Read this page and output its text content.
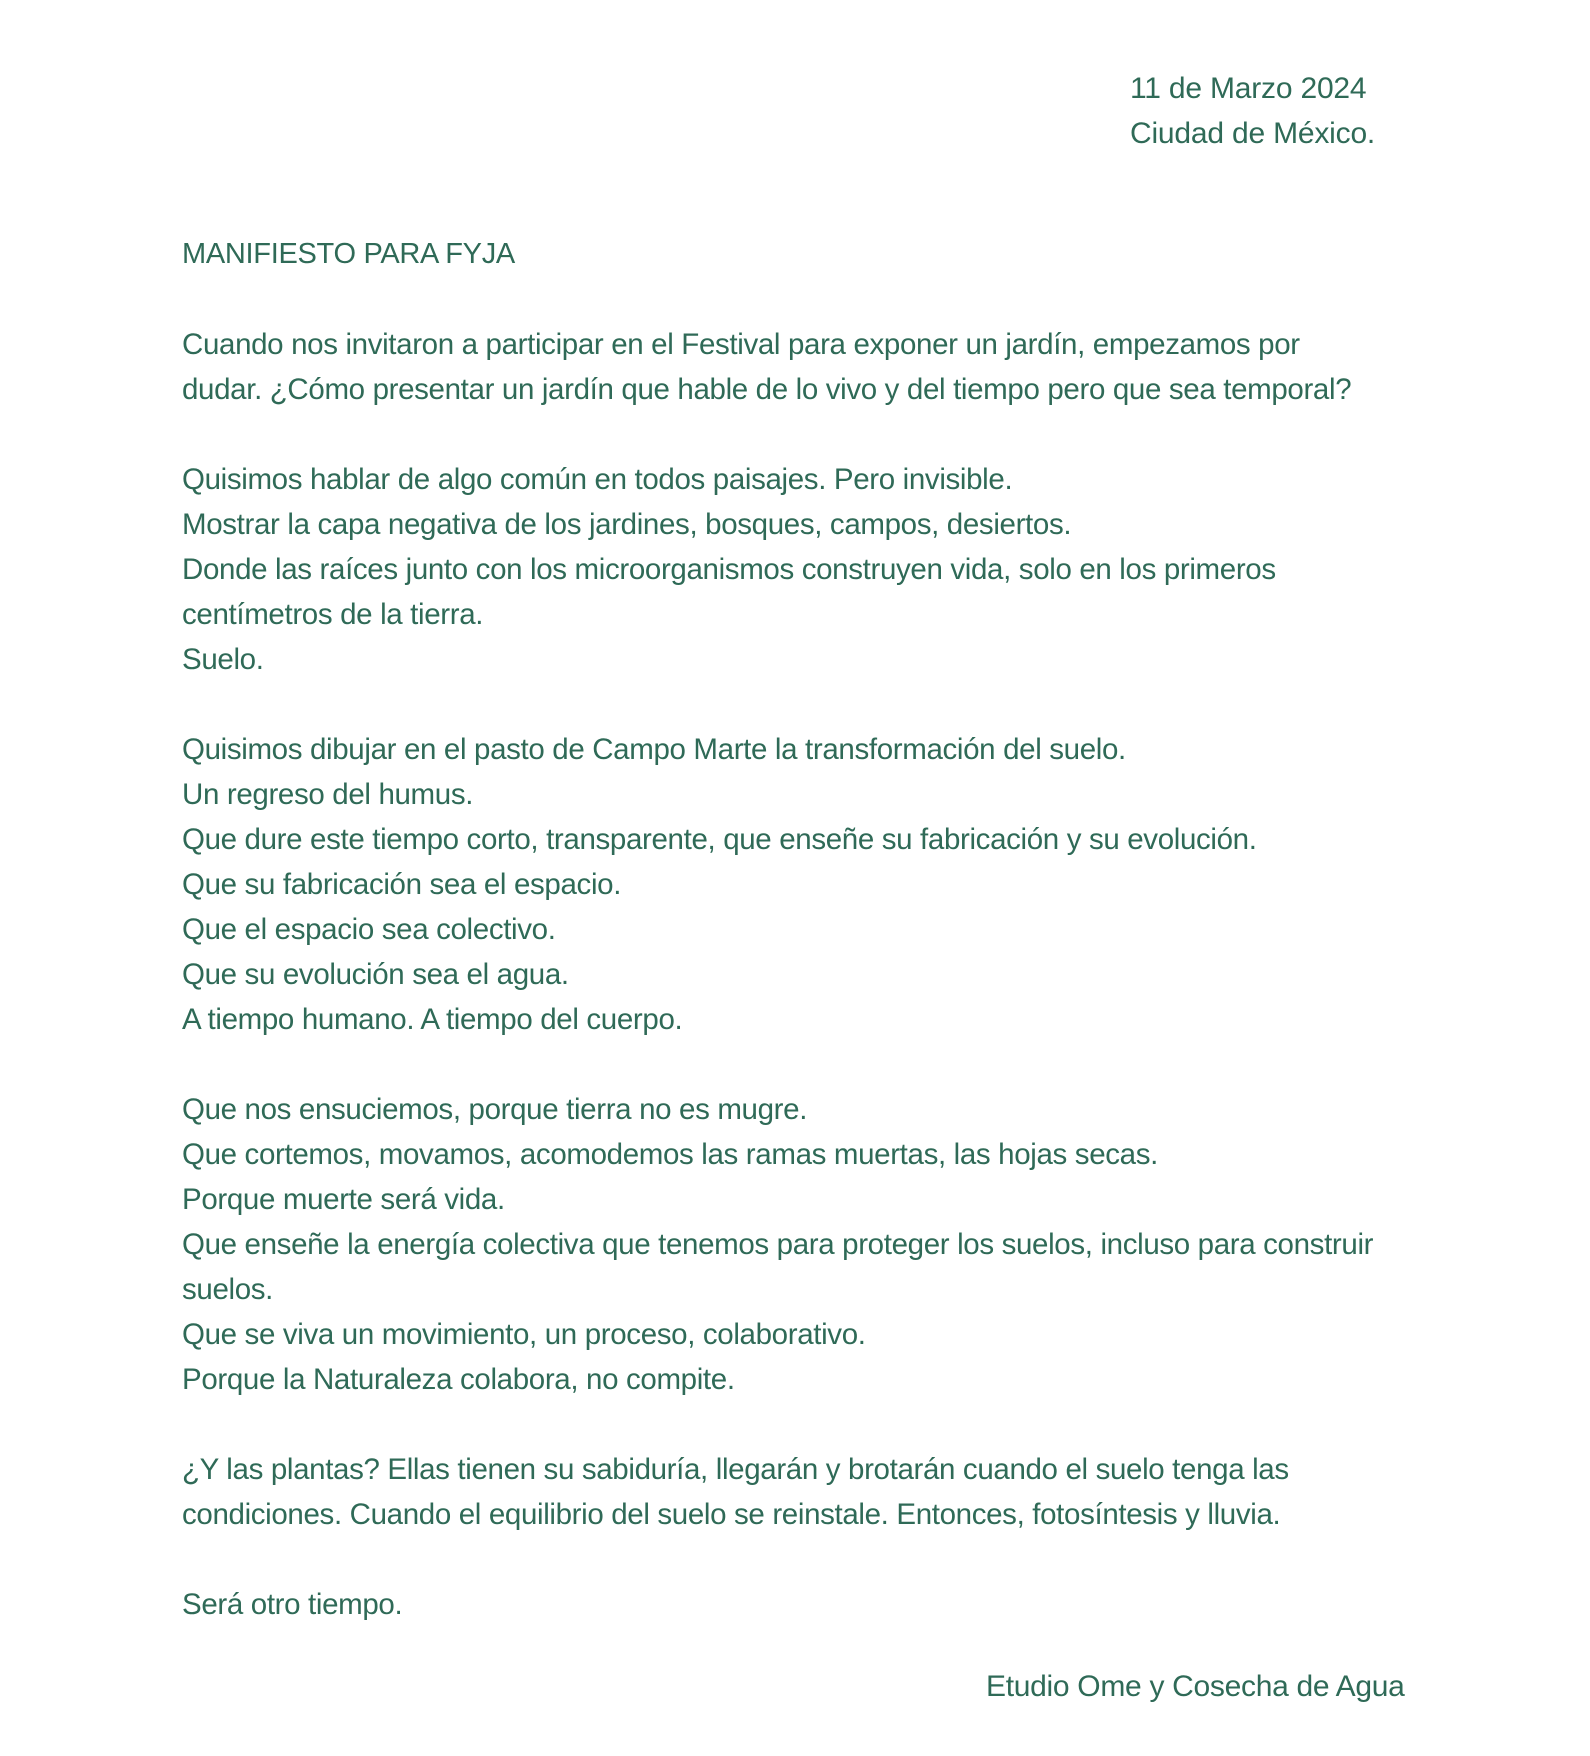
11 de Marzo 2024
Ciudad de México.
MANIFIESTO PARA FYJA
Cuando nos invitaron a participar en el Festival para exponer un jardín, empezamos por
dudar. ¿Cómo presentar un jardín que hable de lo vivo y del tiempo pero que sea temporal?
Quisimos hablar de algo común en todos paisajes. Pero invisible.
Mostrar la capa negativa de los jardines, bosques, campos, desiertos.
Donde las raíces junto con los microorganismos construyen vida, solo en los primeros
centímetros de la tierra.
Suelo.
Quisimos dibujar en el pasto de Campo Marte la transformación del suelo.
Un regreso del humus.
Que dure este tiempo corto, transparente, que enseñe su fabricación y su evolución.
Que su fabricación sea el espacio.
Que el espacio sea colectivo.
Que su evolución sea el agua.
A tiempo humano. A tiempo del cuerpo.
Que nos ensuciemos, porque tierra no es mugre.
Que cortemos, movamos, acomodemos las ramas muertas, las hojas secas.
Porque muerte será vida.
Que enseñe la energía colectiva que tenemos para proteger los suelos, incluso para construir
suelos.
Que se viva un movimiento, un proceso, colaborativo.
Porque la Naturaleza colabora, no compite.
¿Y las plantas? Ellas tienen su sabiduría, llegarán y brotarán cuando el suelo tenga las
condiciones. Cuando el equilibrio del suelo se reinstale. Entonces, fotosíntesis y lluvia.
Será otro tiempo.
Etudio Ome y Cosecha de Agua
